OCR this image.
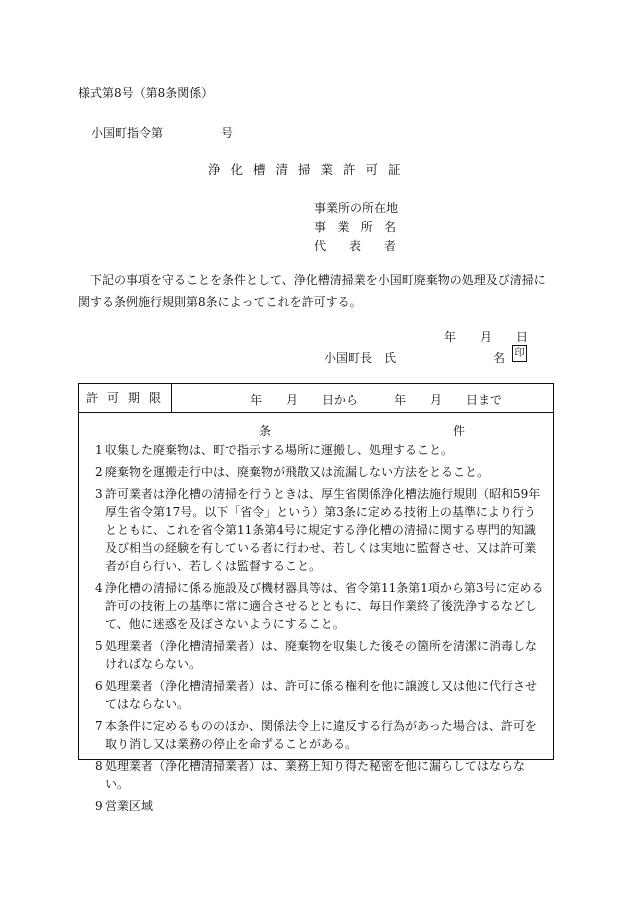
様式第8号（第8条関係）
小国町指令第	号
浄化槽清掃業許可証
事業所の所在地
事 業 所 名
代 表 者
下記の事項を守ることを条件として、浄化槽清掃業を小国町廃棄物の処理及び清掃に関する条例施行規則第8条によってこれを許可する。
年 月 日
小国町長　氏	名 印
許可期限	年　　月　　日から　　　年　　月　　日まで
条	件
1 収集した廃棄物は、町で指示する場所に運搬し、処理すること。
2 廃棄物を運搬走行中は、廃棄物が飛散又は流漏しない方法をとること。
3 許可業者は浄化槽の清掃を行うときは、厚生省関係浄化槽法施行規則（昭和59年厚生省令第17号。以下「省令」という）第3条に定める技術上の基準により行うとともに、これを省令第11条第4号に規定する浄化槽の清掃に関する専門的知識及び相当の経験を有している者に行わせ、若しくは実地に監督させ、又は許可業者が自ら行い、若しくは監督すること。
4 浄化槽の清掃に係る施設及び機材器具等は、省令第11条第1項から第3号に定める許可の技術上の基準に常に適合させるとともに、毎日作業終了後洗浄するなどして、他に迷惑を及ぼさないようにすること。
5 処理業者（浄化槽清掃業者）は、廃棄物を収集した後その箇所を清潔に消毒しなければならない。
6 処理業者（浄化槽清掃業者）は、許可に係る権利を他に譲渡し又は他に代行させてはならない。
7 本条件に定めるもののほか、関係法令上に違反する行為があった場合は、許可を取り消し又は業務の停止を命ずることがある。
8 処理業者（浄化槽清掃業者）は、業務上知り得た秘密を他に漏らしてはならない。
9 営業区域
